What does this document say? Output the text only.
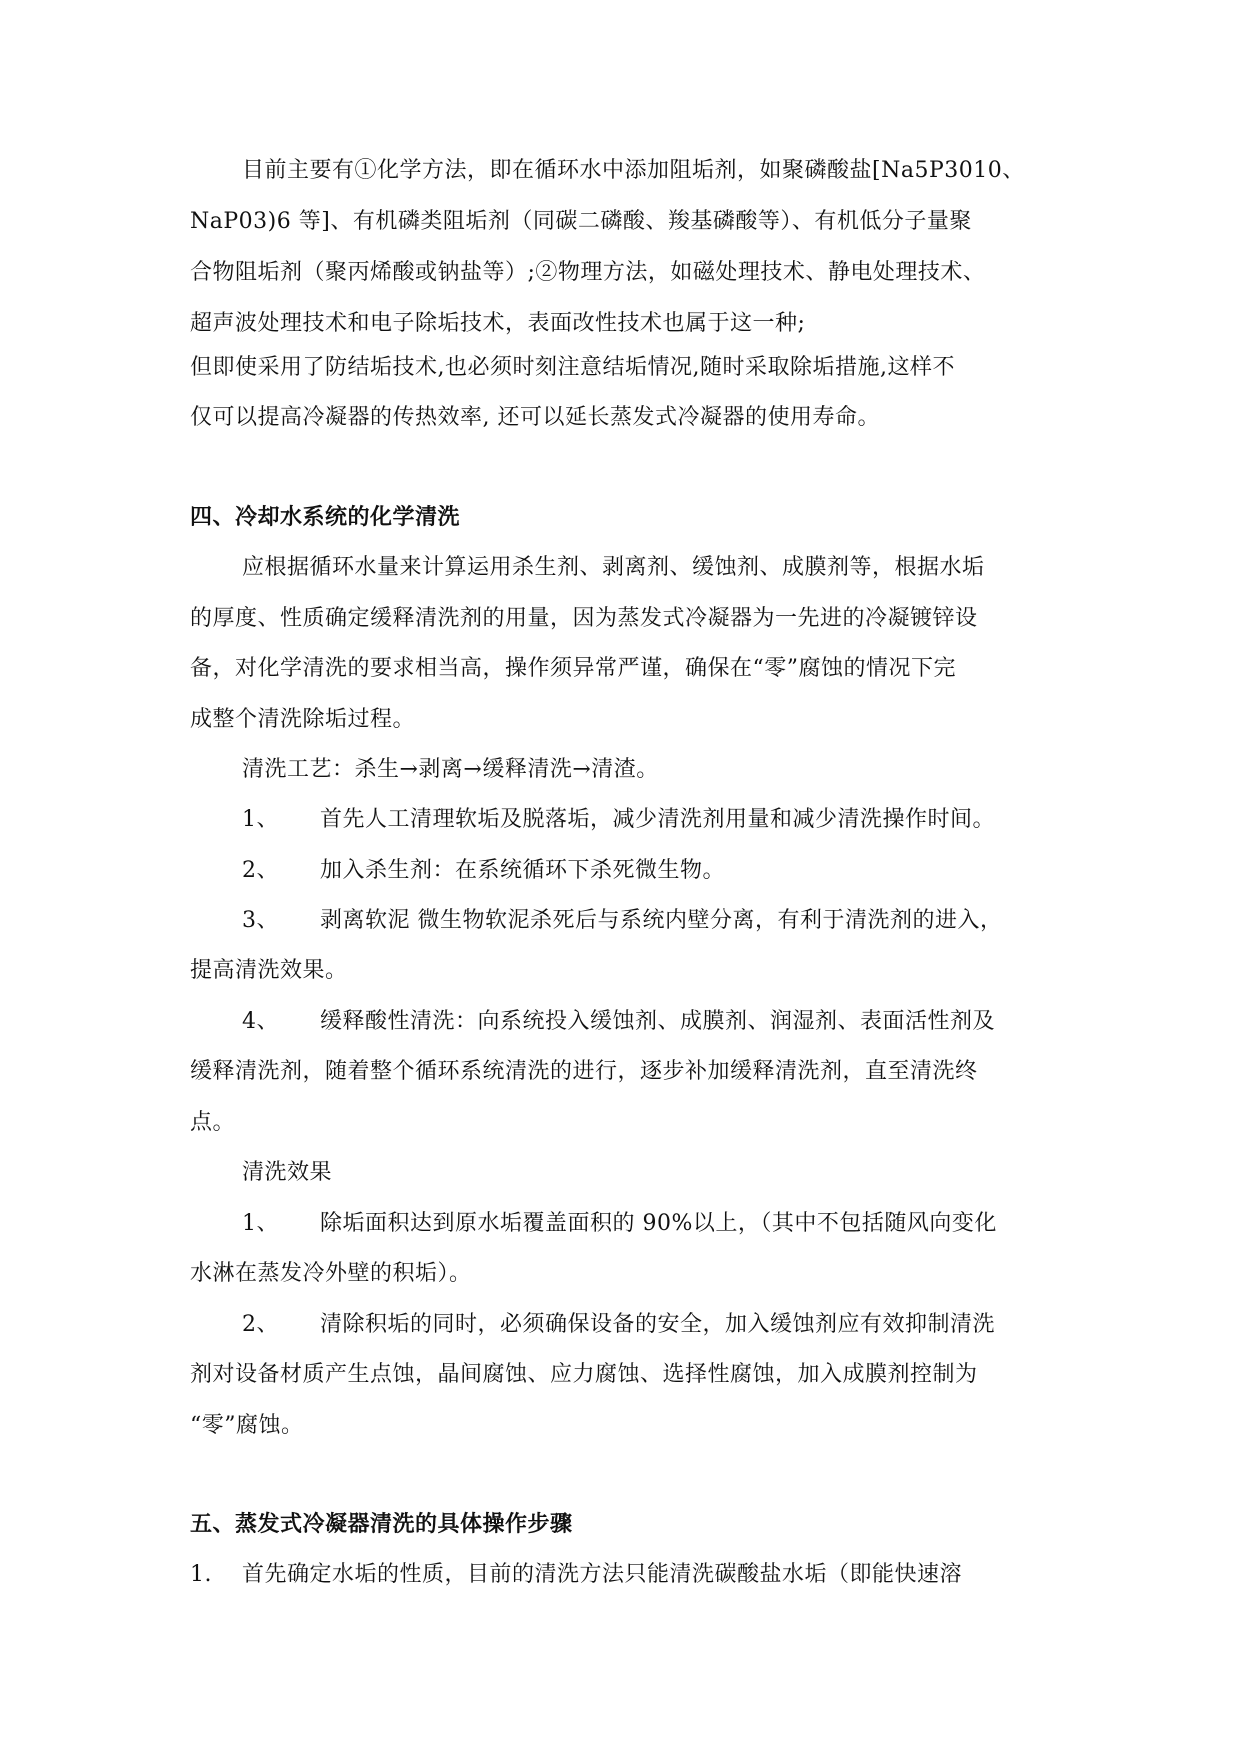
目前主要有①化学方法，即在循环水中添加阻垢剂，如聚磷酸盐[Na5P3010、
NaP03)6 等]、有机磷类阻垢剂（同碳二磷酸、羧基磷酸等）、有机低分子量聚
合物阻垢剂（聚丙烯酸或钠盐等）;②物理方法，如磁处理技术、静电处理技术、
超声波处理技术和电子除垢技术，表面改性技术也属于这一种;
但即使采用了防结垢技术,也必须时刻注意结垢情况,随时采取除垢措施,这样不
仅可以提高冷凝器的传热效率, 还可以延长蒸发式冷凝器的使用寿命。
四、冷却水系统的化学清洗
应根据循环水量来计算运用杀生剂、剥离剂、缓蚀剂、成膜剂等，根据水垢
的厚度、性质确定缓释清洗剂的用量，因为蒸发式冷凝器为一先进的冷凝镀锌设
备，对化学清洗的要求相当高，操作须异常严谨，确保在“零”腐蚀的情况下完
成整个清洗除垢过程。
清洗工艺：杀生→剥离→缓释清洗→清渣。
1、 首先人工清理软垢及脱落垢，减少清洗剂用量和减少清洗操作时间。
2、 加入杀生剂：在系统循环下杀死微生物。
3、 剥离软泥 微生物软泥杀死后与系统内壁分离，有利于清洗剂的进入，
提高清洗效果。
4、 缓释酸性清洗：向系统投入缓蚀剂、成膜剂、润湿剂、表面活性剂及
缓释清洗剂，随着整个循环系统清洗的进行，逐步补加缓释清洗剂，直至清洗终
点。
清洗效果
1、 除垢面积达到原水垢覆盖面积的 90%以上，（其中不包括随风向变化
水淋在蒸发冷外壁的积垢）。
2、 清除积垢的同时，必须确保设备的安全，加入缓蚀剂应有效抑制清洗
剂对设备材质产生点蚀，晶间腐蚀、应力腐蚀、选择性腐蚀，加入成膜剂控制为
“零”腐蚀。
五、蒸发式冷凝器清洗的具体操作步骤
1. 首先确定水垢的性质，目前的清洗方法只能清洗碳酸盐水垢（即能快速溶
